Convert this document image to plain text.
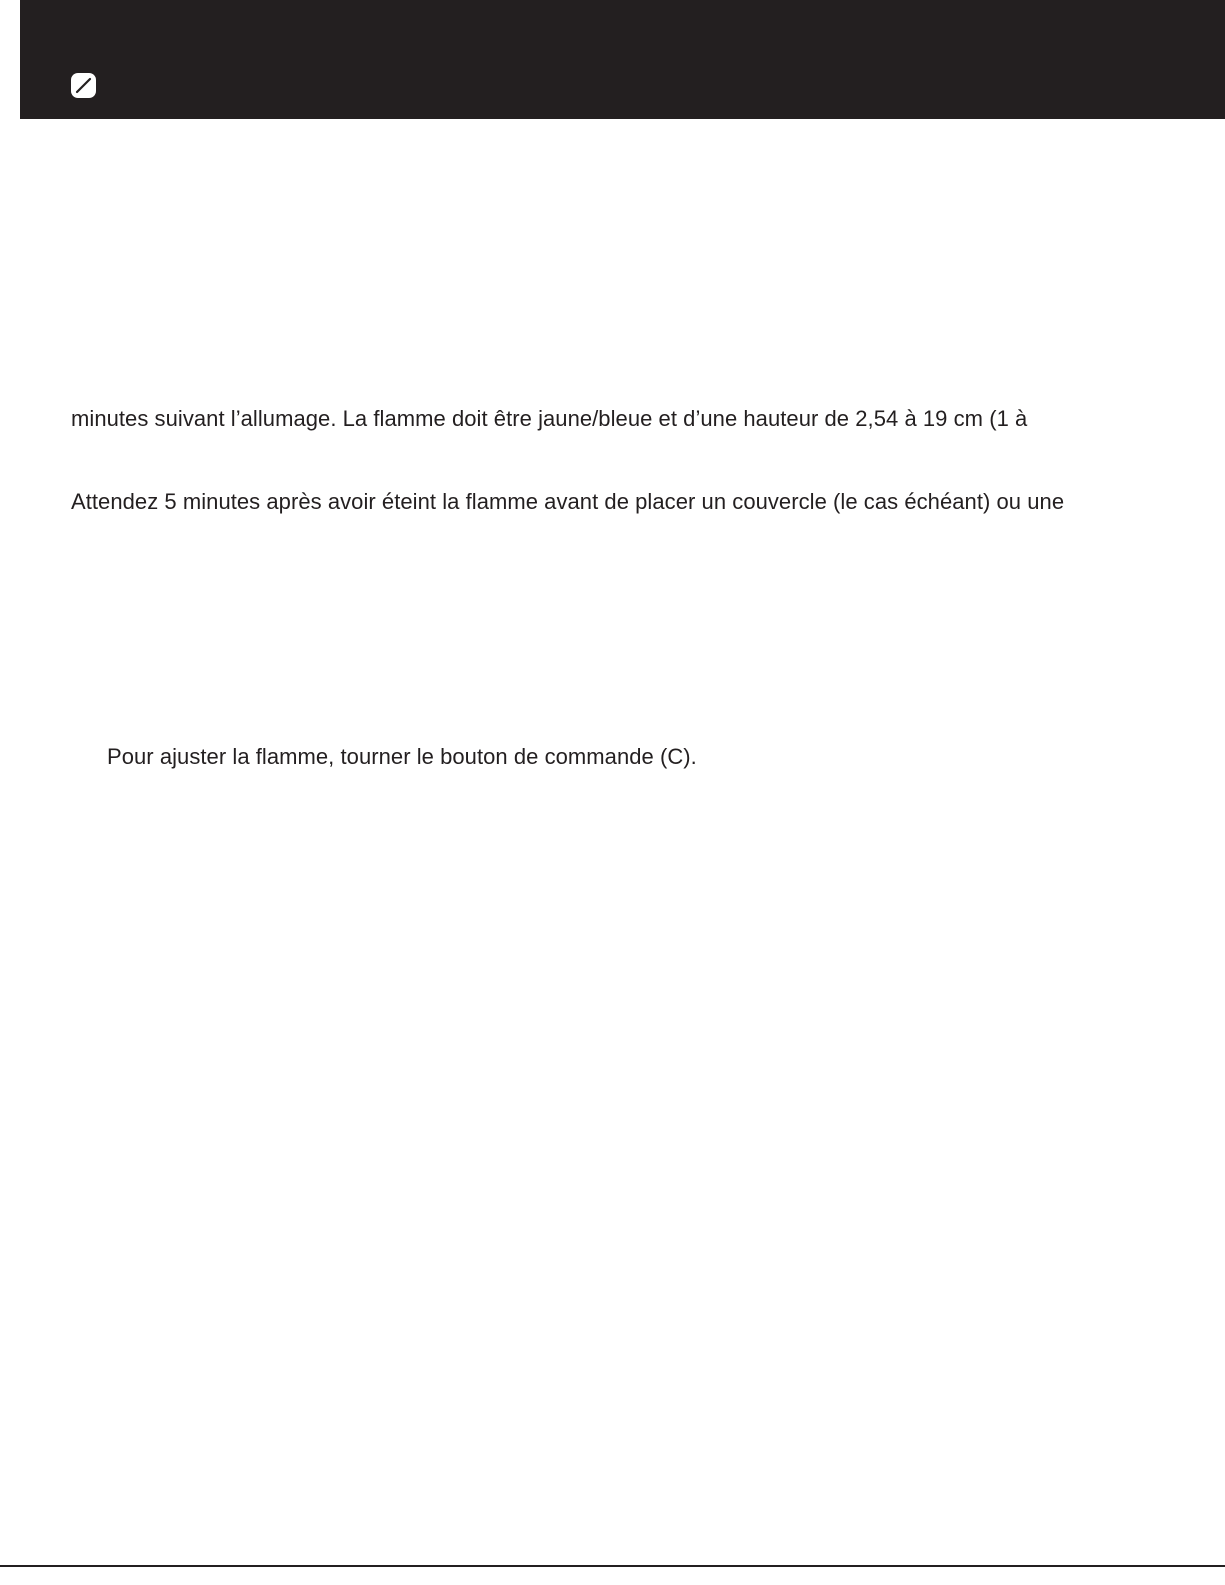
minutes suivant l’allumage. La flamme doit être jaune/bleue et d’une hauteur de 2,54 à 19 cm (1 à

Attendez 5 minutes après avoir éteint la flamme avant de placer un couvercle (le cas échéant) ou une

Pour ajuster la flamme, tourner le bouton de commande (C).
